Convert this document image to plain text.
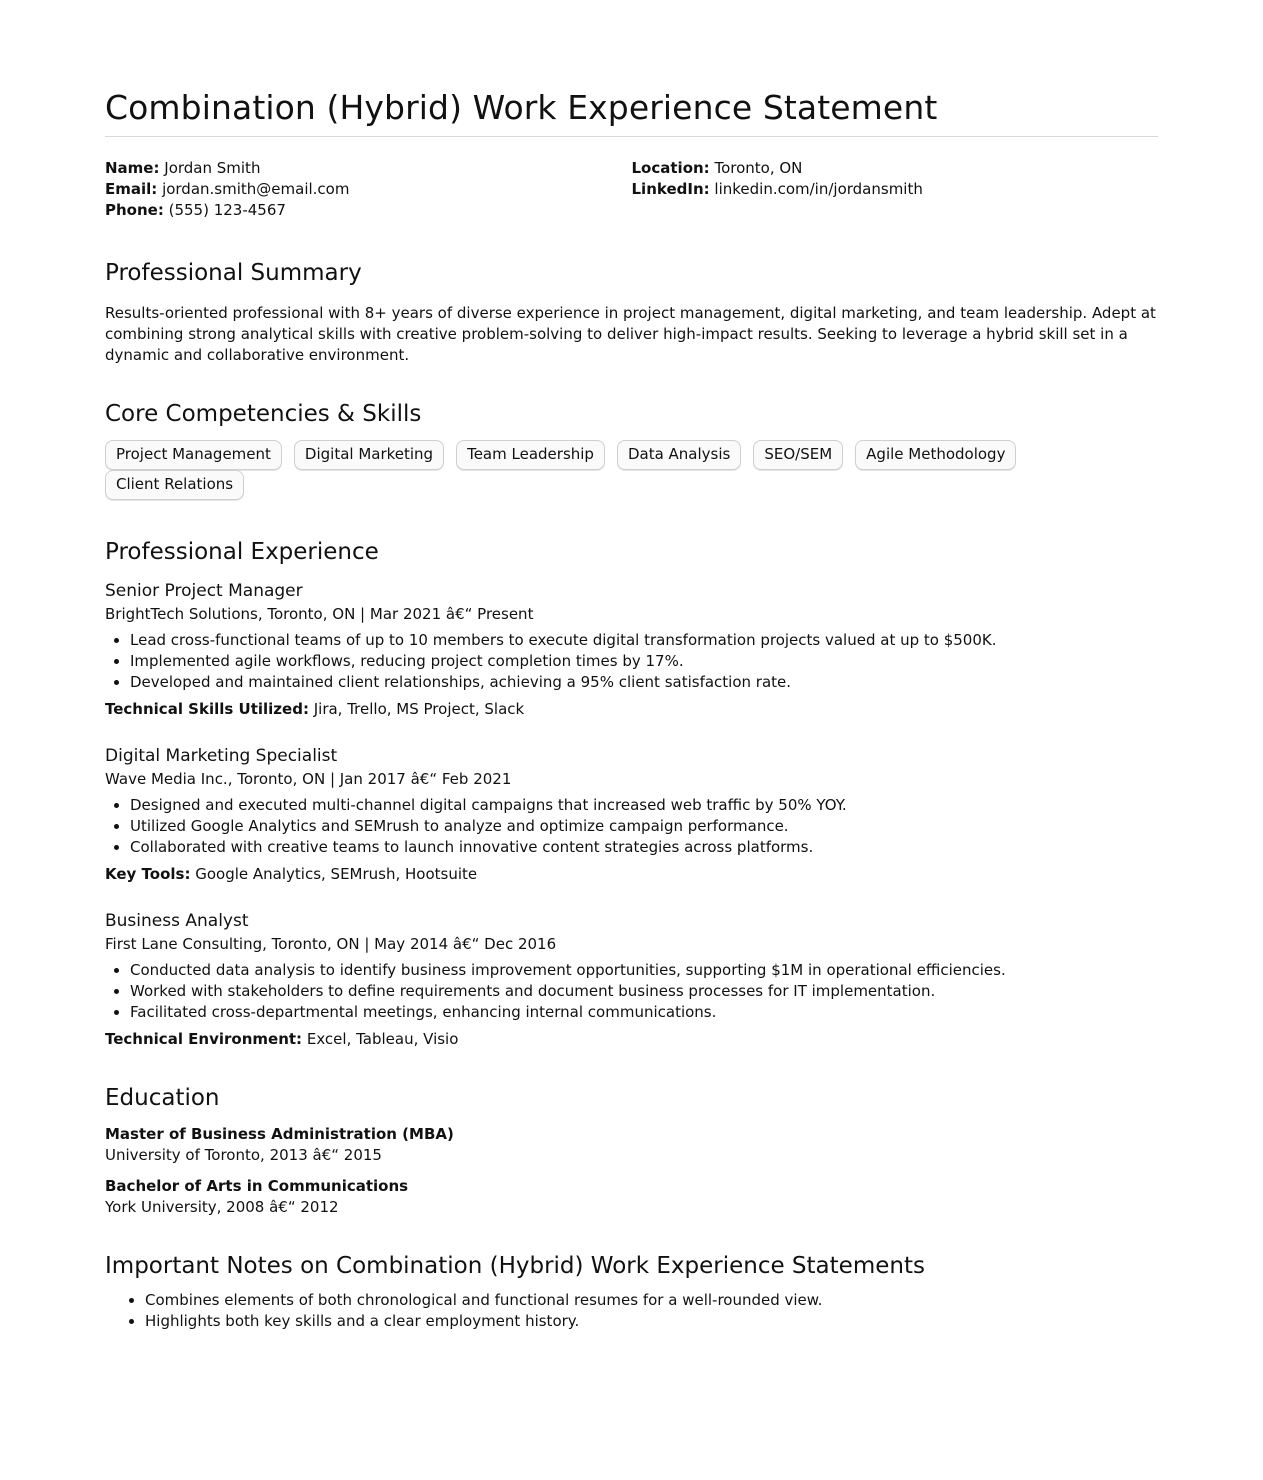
Combination (Hybrid) Work Experience Statement
Name: Jordan Smith
Email: jordan.smith@email.com
Phone: (555) 123-4567
Location: Toronto, ON
LinkedIn: linkedin.com/in/jordansmith
Professional Summary
Results-oriented professional with 8+ years of diverse experience in project management, digital marketing, and team leadership. Adept at combining strong analytical skills with creative problem-solving to deliver high-impact results. Seeking to leverage a hybrid skill set in a dynamic and collaborative environment.
Core Competencies & Skills
Project Management	Digital Marketing	Team Leadership	Data Analysis	SEO/SEM	Agile Methodology
Client Relations
Professional Experience
Senior Project Manager
BrightTech Solutions, Toronto, ON | Mar 2021 â€“ Present
• Lead cross-functional teams of up to 10 members to execute digital transformation projects valued at up to $500K.
• Implemented agile workflows, reducing project completion times by 17%.
• Developed and maintained client relationships, achieving a 95% client satisfaction rate.
Technical Skills Utilized: Jira, Trello, MS Project, Slack
Digital Marketing Specialist
Wave Media Inc., Toronto, ON | Jan 2017 â€“ Feb 2021
• Designed and executed multi-channel digital campaigns that increased web traffic by 50% YOY.
• Utilized Google Analytics and SEMrush to analyze and optimize campaign performance.
• Collaborated with creative teams to launch innovative content strategies across platforms.
Key Tools: Google Analytics, SEMrush, Hootsuite
Business Analyst
First Lane Consulting, Toronto, ON | May 2014 â€“ Dec 2016
• Conducted data analysis to identify business improvement opportunities, supporting $1M in operational efficiencies.
• Worked with stakeholders to define requirements and document business processes for IT implementation.
• Facilitated cross-departmental meetings, enhancing internal communications.
Technical Environment: Excel, Tableau, Visio
Education
Master of Business Administration (MBA)
University of Toronto, 2013 â€“ 2015
Bachelor of Arts in Communications
York University, 2008 â€“ 2012
Important Notes on Combination (Hybrid) Work Experience Statements
• Combines elements of both chronological and functional resumes for a well-rounded view.
• Highlights both key skills and a clear employment history.
